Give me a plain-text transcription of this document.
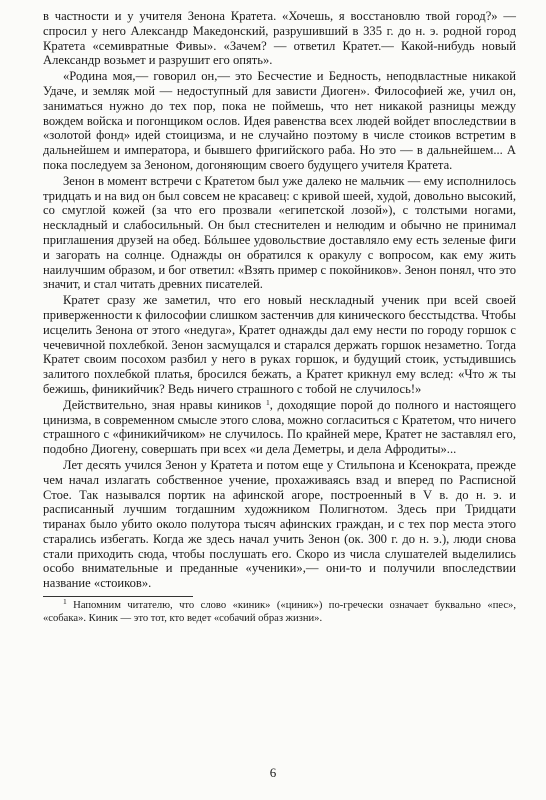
в частности и у учителя Зенона Кратета. «Хочешь, я восстановлю твой город?» — спросил у него Александр Македонский, разрушивший в 335 г. до н. э. родной город Кратета «семивратные Фивы». «Зачем? — ответил Кратет.— Какой-нибудь новый Александр возьмет и разрушит его опять».

«Родина моя,— говорил он,— это Бесчестие и Бедность, неподвластные никакой Удаче, и земляк мой — недоступный для зависти Диоген». Философией же, учил он, заниматься нужно до тех пор, пока не поймешь, что нет никакой разницы между вождем войска и погонщиком ослов. Идея равенства всех людей войдет впоследствии в «золотой фонд» идей стоицизма, и не случайно поэтому в числе стоиков встретим в дальнейшем и императора, и бывшего фригийского раба. Но это — в дальнейшем... А пока последуем за Зеноном, догоняющим своего будущего учителя Кратета.

Зенон в момент встречи с Кратетом был уже далеко не мальчик — ему исполнилось тридцать и на вид он был совсем не красавец: с кривой шеей, худой, довольно высокий, со смуглой кожей (за что его прозвали «египетской лозой»), с толстыми ногами, нескладный и слабосильный. Он был стеснителен и нелюдим и обычно не принимал приглашения друзей на обед. Бóльшее удовольствие доставляло ему есть зеленые фиги и загорать на солнце. Однажды он обратился к оракулу с вопросом, как ему жить наилучшим образом, и бог ответил: «Взять пример с покойников». Зенон понял, что это значит, и стал читать древних писателей.

Кратет сразу же заметил, что его новый нескладный ученик при всей своей приверженности к философии слишком застенчив для кинического бесстыдства. Чтобы исцелить Зенона от этого «недуга», Кратет однажды дал ему нести по городу горшок с чечевичной похлебкой. Зенон засмущался и старался держать горшок незаметно. Тогда Кратет своим посохом разбил у него в руках горшок, и будущий стоик, устыдившись залитого похлебкой платья, бросился бежать, а Кратет крикнул ему вслед: «Что ж ты бежишь, финикийчик? Ведь ничего страшного с тобой не случилось!»

Действительно, зная нравы киников $^1$, доходящие порой до полного и настоящего цинизма, в современном смысле этого слова, можно согласиться с Кратетом, что ничего страшного с «финикийчиком» не случилось. По крайней мере, Кратет не заставлял его, подобно Диогену, совершать при всех «и дела Деметры, и дела Афродиты»...

Лет десять учился Зенон у Кратета и потом еще у Стильпона и Ксенократа, прежде чем начал излагать собственное учение, прохаживаясь взад и вперед по Расписной Стое. Так назывался портик на афинской агоре, построенный в V в. до н. э. и расписанный лучшим тогдашним художником Полигнотом. Здесь при Тридцати тиранах было убито около полутора тысяч афинских граждан, и с тех пор места этого старались избегать. Когда же здесь начал учить Зенон (ок. 300 г. до н. э.), люди снова стали приходить сюда, чтобы послушать его. Скоро из числа слушателей выделились особо внимательные и преданные «ученики»,— они-то и получили впоследствии название «стоиков».

$^1$ Напомним читателю, что слово «киник» («циник») по-гречески означает буквально «пес», «собака». Киник — это тот, кто ведет «собачий образ жизни».

6
